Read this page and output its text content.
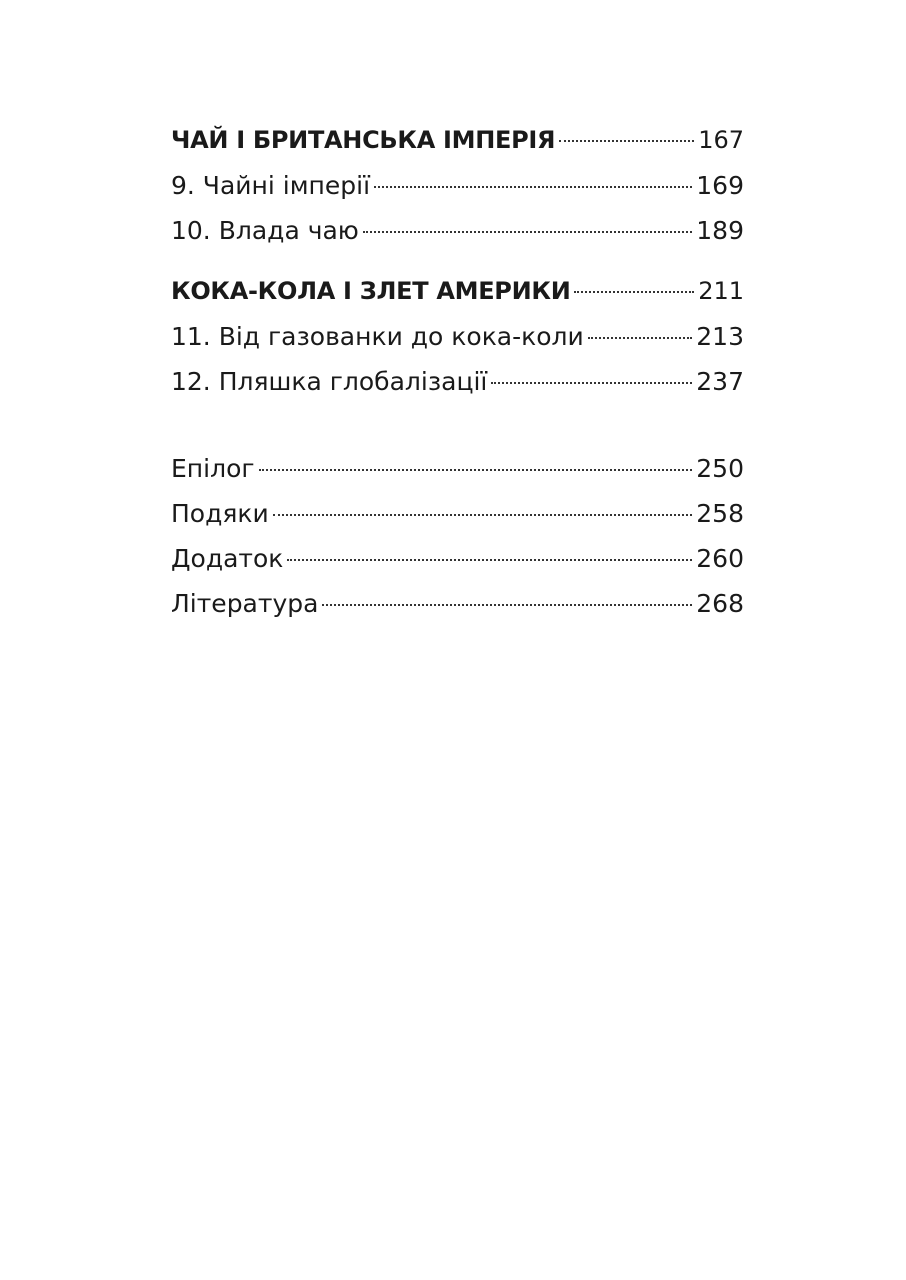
ЧАЙ І БРИТАНСЬКА ІМПЕРІЯ	167
9. Чайні імперії	169
10. Влада чаю	189
КОКА-КОЛА І ЗЛЕТ АМЕРИКИ	211
11. Від газованки до кока-коли	213
12. Пляшка глобалізації	237
Епілог	250
Подяки	258
Додаток	260
Література	268
